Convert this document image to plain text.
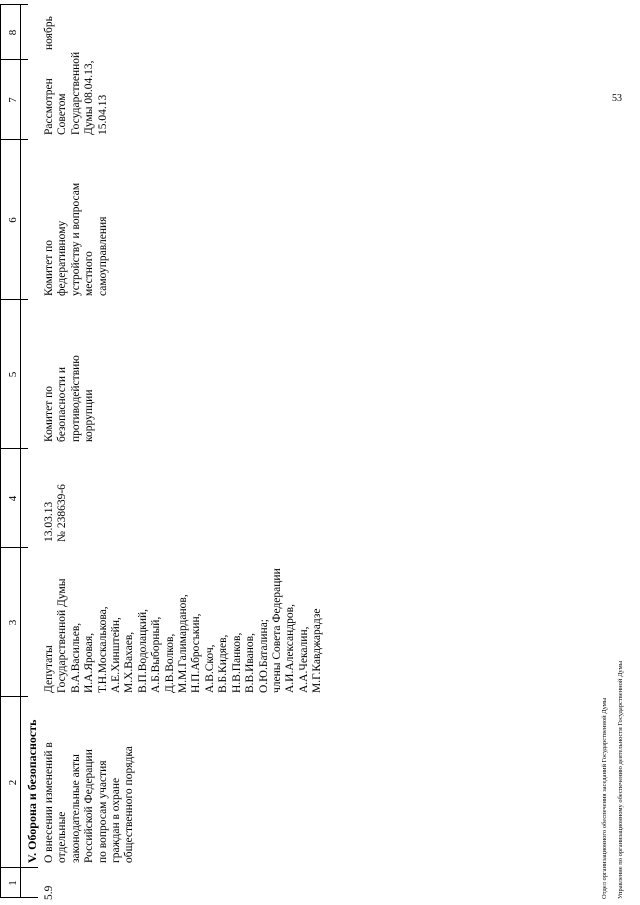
1
2
3
4
5
6
7
8
V. Оборона и безопасность
5.9
О внесении изменений в отдельные законодательные акты Российской Федерации по вопросам участия граждан в охране общественного порядка
Депутаты Государственной Думы В.А.Васильев, И.А.Яровая, Т.Н.Москалькова, А.Е.Хинштейн, М.Х.Вахаев, В.П.Водолацкий, А.Б.Выборный, Д.В.Волков, М.М.Галимарданов, Н.П.Абросъкин, А.В.Скоч, В.Б.Кидяев, Н.В.Панков, В.В.Иванов, О.Ю.Баталина; члены Совета Федерации А.И.Александров, А.А.Чекалин, М.Г.Кавджарадзе
13.03.13 № 238639-6
Комитет по безопасности и противодействию коррупции
Комитет по федеративному устройству и вопросам местного самоуправления
Рассмотрен Советом Государственной Думы 08.04.13, 15.04.13
ноябрь
Отдел организационного обеспечения заседаний Государственной Думы Управление по организационному обеспечению деятельности Государственной Думы
53
